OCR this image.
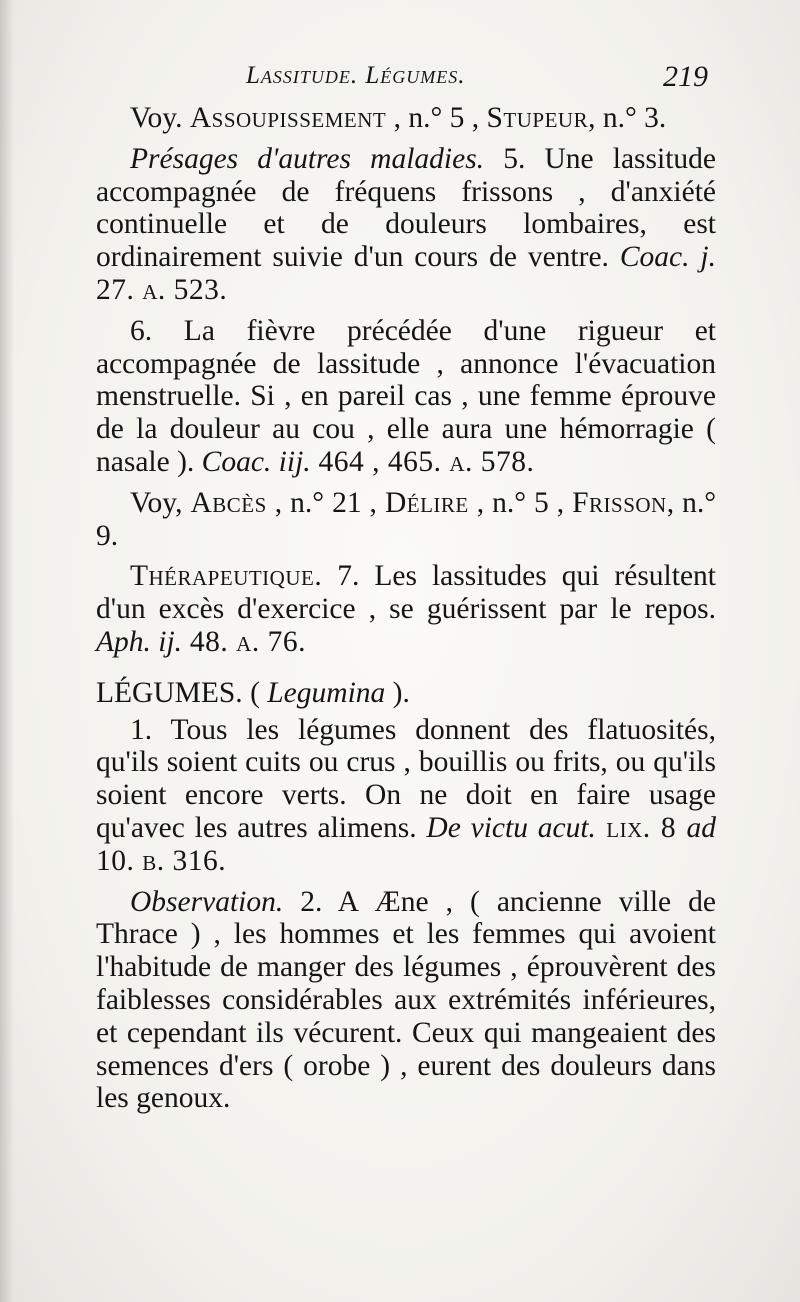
Lassitude. Légumes.	219

Voy. Assoupissement , n.° 5 , Stupeur, n.° 3.

Présages d'autres maladies. 5. Une lassitude accompagnée de fréquens frissons , d'anxiété continuelle et de douleurs lombaires, est ordinairement suivie d'un cours de ventre. Coac. j. 27. a. 523.

6. La fièvre précédée d'une rigueur et accompagnée de lassitude , annonce l'évacuation menstruelle. Si , en pareil cas , une femme éprouve de la douleur au cou , elle aura une hémorragie ( nasale ). Coac. iij. 464 , 465. a. 578.

Voy, Abcès , n.° 21 , Délire , n.° 5 , Frisson, n.° 9.

Thérapeutique. 7. Les lassitudes qui résultent d'un excès d'exercice , se guérissent par le repos. Aph. ij. 48. a. 76.

LÉGUMES. ( Legumina ).

1. Tous les légumes donnent des flatuosités, qu'ils soient cuits ou crus , bouillis ou frits, ou qu'ils soient encore verts. On ne doit en faire usage qu'avec les autres alimens. De victu acut. lix. 8 ad 10. b. 316.

Observation. 2. A Æne , ( ancienne ville de Thrace ) , les hommes et les femmes qui avoient l'habitude de manger des légumes , éprouvèrent des faiblesses considérables aux extrémités inférieures, et cependant ils vécurent. Ceux qui mangeaient des semences d'ers ( orobe ) , eurent des douleurs dans les genoux.
